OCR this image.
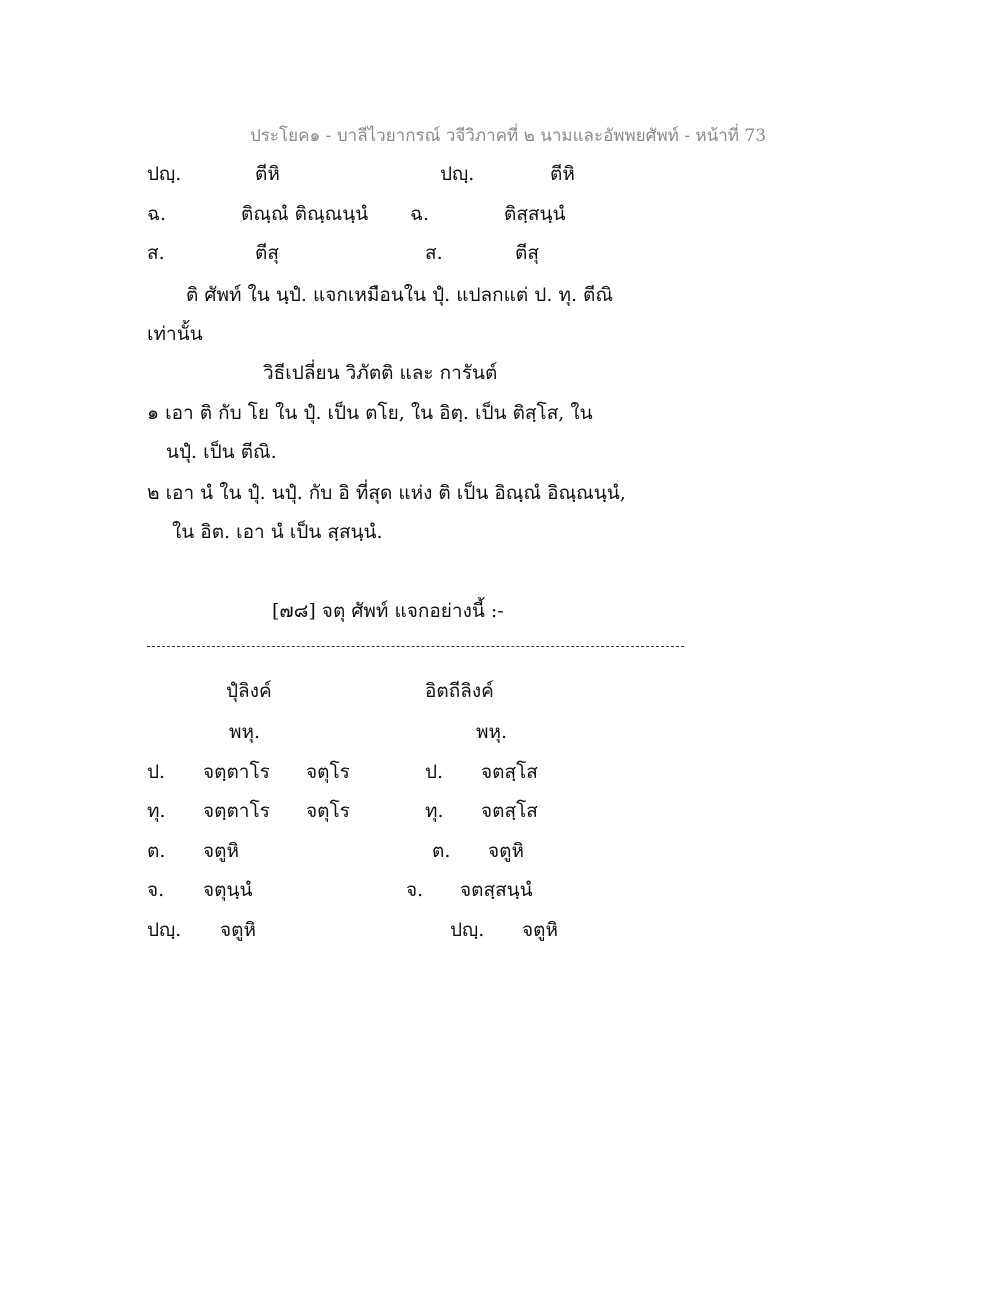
ประโยค๑ - บาลีไวยากรณ์ วจีวิภาคที่ ๒ นามและอัพพยศัพท์ - หน้าที่ 73
ปญฺ.	ตีหิ	ปญฺ.	ตีหิ
ฉ.	ติณฺณํ ติณฺณนฺนํ ฉ.	ติสฺสนฺนํ
ส.	ตีสุ	ส.	ตีสุ
ติ ศัพท์ ใน นฺปํ. แจกเหมือนใน ปุํ. แปลกแต่ ป. ทุ. ตีณิ
เท่านั้น
วิธีเปลี่ยน วิภัตติ และ การันต์
๑ เอา ติ กับ โย ใน ปุํ. เป็น ตโย, ใน อิตฺ. เป็น ติสฺโส, ใน
นปุํ. เป็น ตีณิ.
๒ เอา นํ ใน ปุํ. นปุํ. กับ อิ ที่สุด แห่ง ติ เป็น อิณฺณํ อิณฺณนฺนํ,
ใน อิต. เอา นํ เป็น สฺสนฺนํ.
[๗๘] จตุ ศัพท์ แจกอย่างนี้ :-
ปุํลิงค์	อิตถีลิงค์
พหุ.	พหุ.
ป. จตฺตาโร จตุโร	ป. จตสฺโส
ทุ. จตฺตาโร จตุโร	ทุ. จตสฺโส
ต. จตูหิ	ต. จตูหิ
จ. จตุนฺนํ	จ. จตสฺสนฺนํ
ปญฺ. จตูหิ	ปญฺ. จตูหิ
